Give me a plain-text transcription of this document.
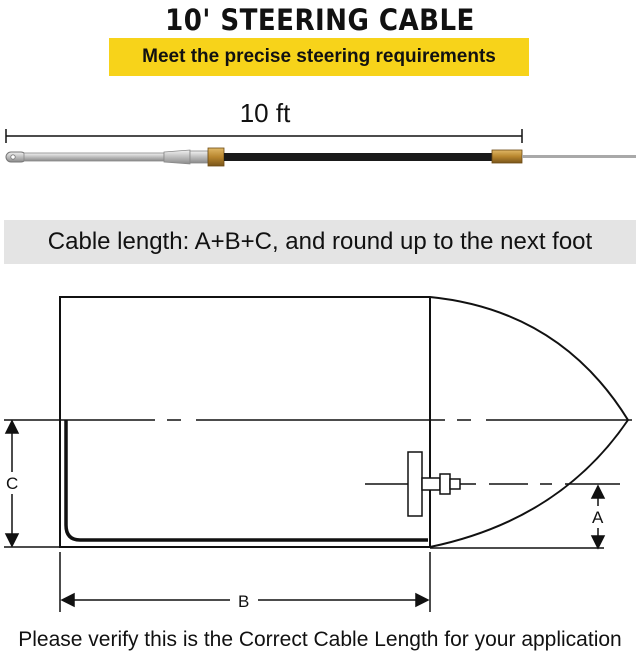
10' STEERING CABLE
Meet the precise steering requirements
10 ft
C
A
B
Cable length: A+B+C, and round up to the next foot
Please verify this is the Correct Cable Length for your application
